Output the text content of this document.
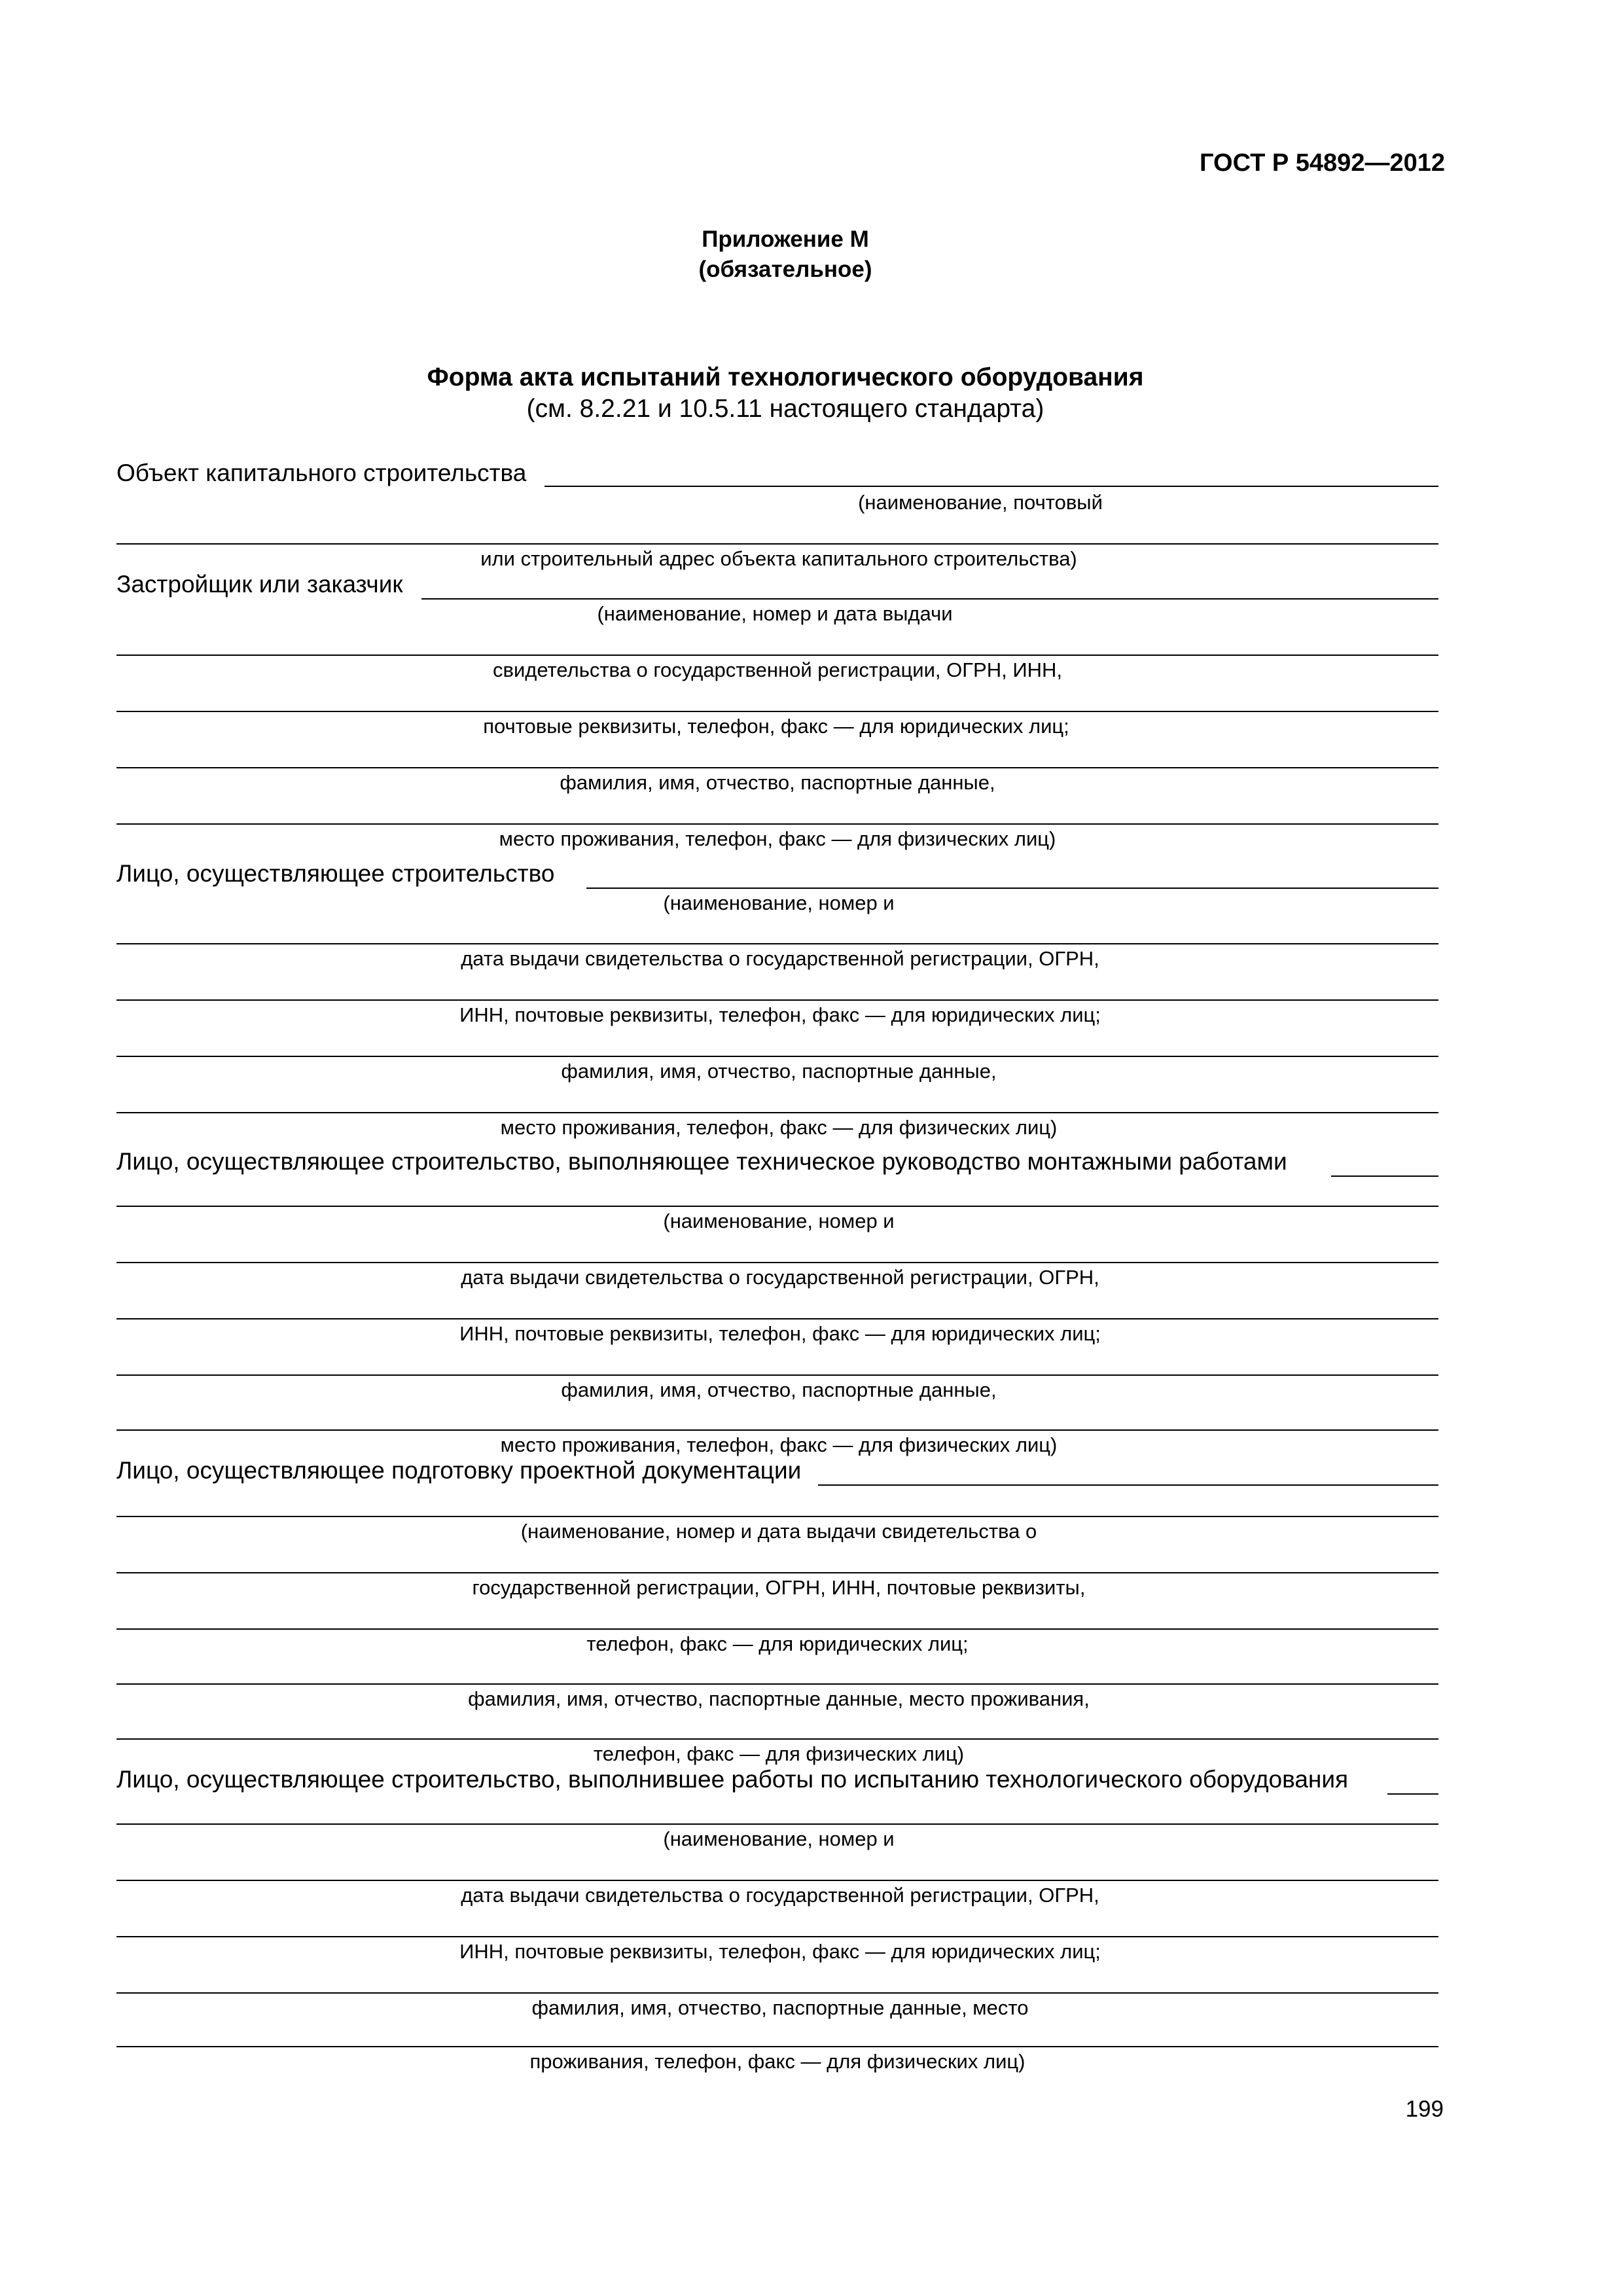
ГОСТ Р 54892—2012
Приложение М
(обязательное)
Форма акта испытаний технологического оборудования
(см. 8.2.21 и 10.5.11 настоящего стандарта)
Объект капитального строительства
Застройщик или заказчик
Лицо, осуществляющее строительство
Лицо, осуществляющее строительство, выполняющее техническое руководство монтажными работами
Лицо, осуществляющее подготовку проектной документации
Лицо, осуществляющее строительство, выполнившее работы по испытанию технологического оборудования
(наименование, почтовый
или строительный адрес объекта капитального строительства)
(наименование, номер и дата выдачи
свидетельства о государственной регистрации, ОГРН, ИНН,
почтовые реквизиты, телефон, факс — для юридических лиц;
фамилия, имя, отчество, паспортные данные,
место проживания, телефон, факс — для физических лиц)
(наименование, номер и
дата выдачи свидетельства о государственной регистрации, ОГРН,
ИНН, почтовые реквизиты, телефон, факс — для юридических лиц;
фамилия, имя, отчество, паспортные данные,
место проживания, телефон, факс — для физических лиц)
(наименование, номер и
дата выдачи свидетельства о государственной регистрации, ОГРН,
ИНН, почтовые реквизиты, телефон, факс — для юридических лиц;
фамилия, имя, отчество, паспортные данные,
место проживания, телефон, факс — для физических лиц)
(наименование, номер и дата выдачи свидетельства о
государственной регистрации, ОГРН, ИНН, почтовые реквизиты,
телефон, факс — для юридических лиц;
фамилия, имя, отчество, паспортные данные, место проживания,
телефон, факс — для физических лиц)
(наименование, номер и
дата выдачи свидетельства о государственной регистрации, ОГРН,
ИНН, почтовые реквизиты, телефон, факс — для юридических лиц;
фамилия, имя, отчество, паспортные данные, место
проживания, телефон, факс — для физических лиц)
199
